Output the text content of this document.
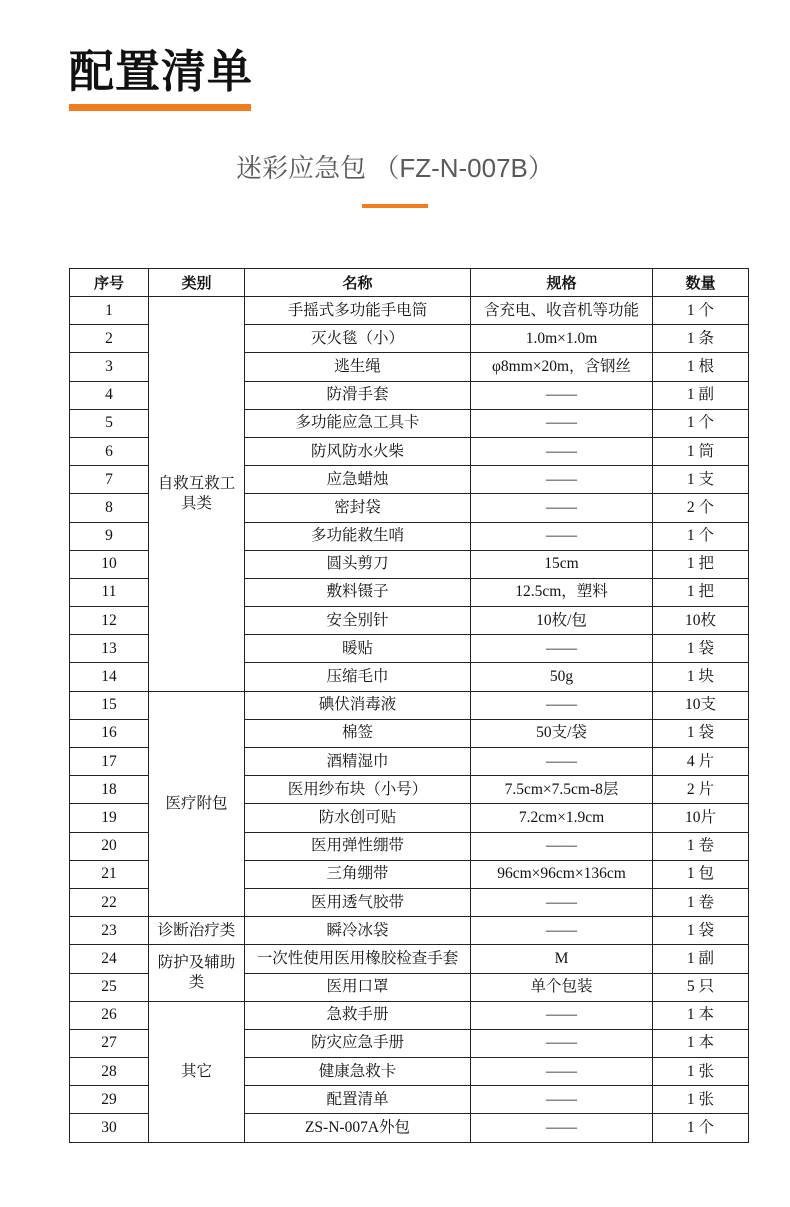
配置清单
迷彩应急包 （FZ-N-007B）
序号	类别	名称	规格	数量
1	自救互救工具类	手摇式多功能手电筒	含充电、收音机等功能	1 个
2		灭火毯（小）	1.0m×1.0m	1 条
3		逃生绳	φ8mm×20m，含钢丝	1 根
4		防滑手套	——	1 副
5		多功能应急工具卡	——	1 个
6		防风防水火柴	——	1 筒
7		应急蜡烛	——	1 支
8		密封袋	——	2 个
9		多功能救生哨	——	1 个
10		圆头剪刀	15cm	1 把
11		敷料镊子	12.5cm，塑料	1 把
12		安全别针	10枚/包	10枚
13		暖贴	——	1 袋
14		压缩毛巾	50g	1 块
15	医疗附包	碘伏消毒液	——	10支
16		棉签	50支/袋	1 袋
17		酒精湿巾	——	4 片
18		医用纱布块（小号）	7.5cm×7.5cm-8层	2 片
19		防水创可贴	7.2cm×1.9cm	10片
20		医用弹性绷带	——	1 卷
21		三角绷带	96cm×96cm×136cm	1 包
22		医用透气胶带	——	1 卷
23	诊断治疗类	瞬冷冰袋	——	1 袋
24	防护及辅助类	一次性使用医用橡胶检查手套	M	1 副
25		医用口罩	单个包装	5 只
26	其它	急救手册	——	1 本
27		防灾应急手册	——	1 本
28		健康急救卡	——	1 张
29		配置清单	——	1 张
30		ZS-N-007A外包	——	1 个
